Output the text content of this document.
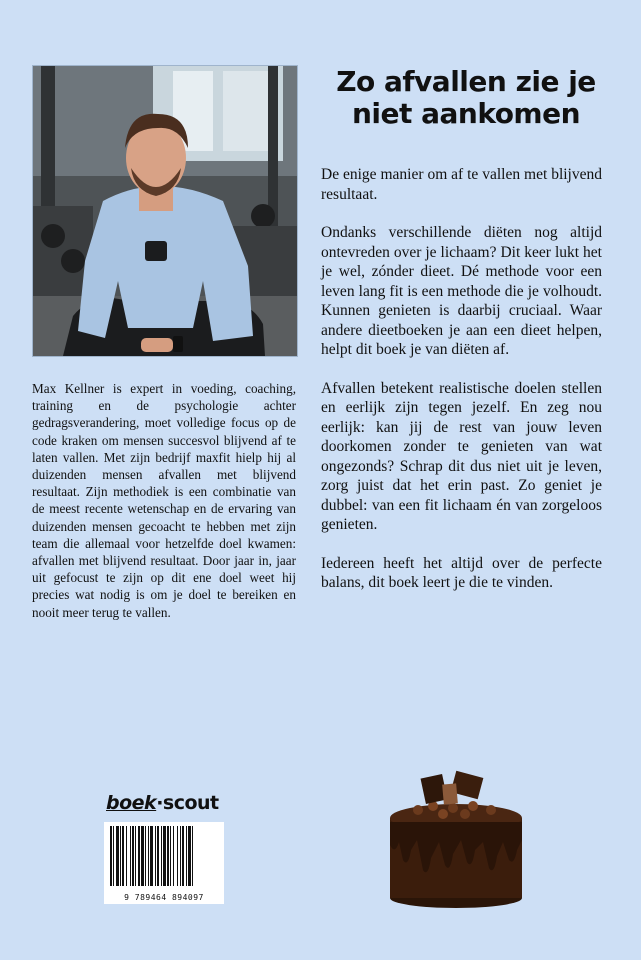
Zo afvallen zie je niet aankomen

De enige manier om af te vallen met blijvend resultaat.

Ondanks verschillende diëten nog altijd ontevreden over je lichaam? Dit keer lukt het je wel, zónder dieet. Dé methode voor een leven lang fit is een methode die je volhoudt. Kunnen genieten is daarbij cruciaal. Waar andere dieetboeken je aan een dieet helpen, helpt dit boek je van diëten af.

Afvallen betekent realistische doelen stellen en eerlijk zijn tegen jezelf. En zeg nou eerlijk: kan jij de rest van jouw leven doorkomen zonder te genieten van wat ongezonds? Schrap dit dus niet uit je leven, zorg juist dat het erin past. Zo geniet je dubbel: van een fit lichaam én van zorgeloos genieten.

Iedereen heeft het altijd over de perfecte balans, dit boek leert je die te vinden.

Max Kellner is expert in voeding, coaching, training en de psychologie achter gedragsverandering, moet volledige focus op de code kraken om mensen succesvol blijvend af te laten vallen. Met zijn bedrijf maxfit hielp hij al duizenden mensen afvallen met blijvend resultaat. Zijn methodiek is een combinatie van de meest recente wetenschap en de ervaring van duizenden mensen gecoacht te hebben met zijn team die allemaal voor hetzelfde doel kwamen: afvallen met blijvend resultaat. Door jaar in, jaar uit gefocust te zijn op dit ene doel weet hij precies wat nodig is om je doel te bereiken en nooit meer terug te vallen.

boek·scout
9 789464 894097
